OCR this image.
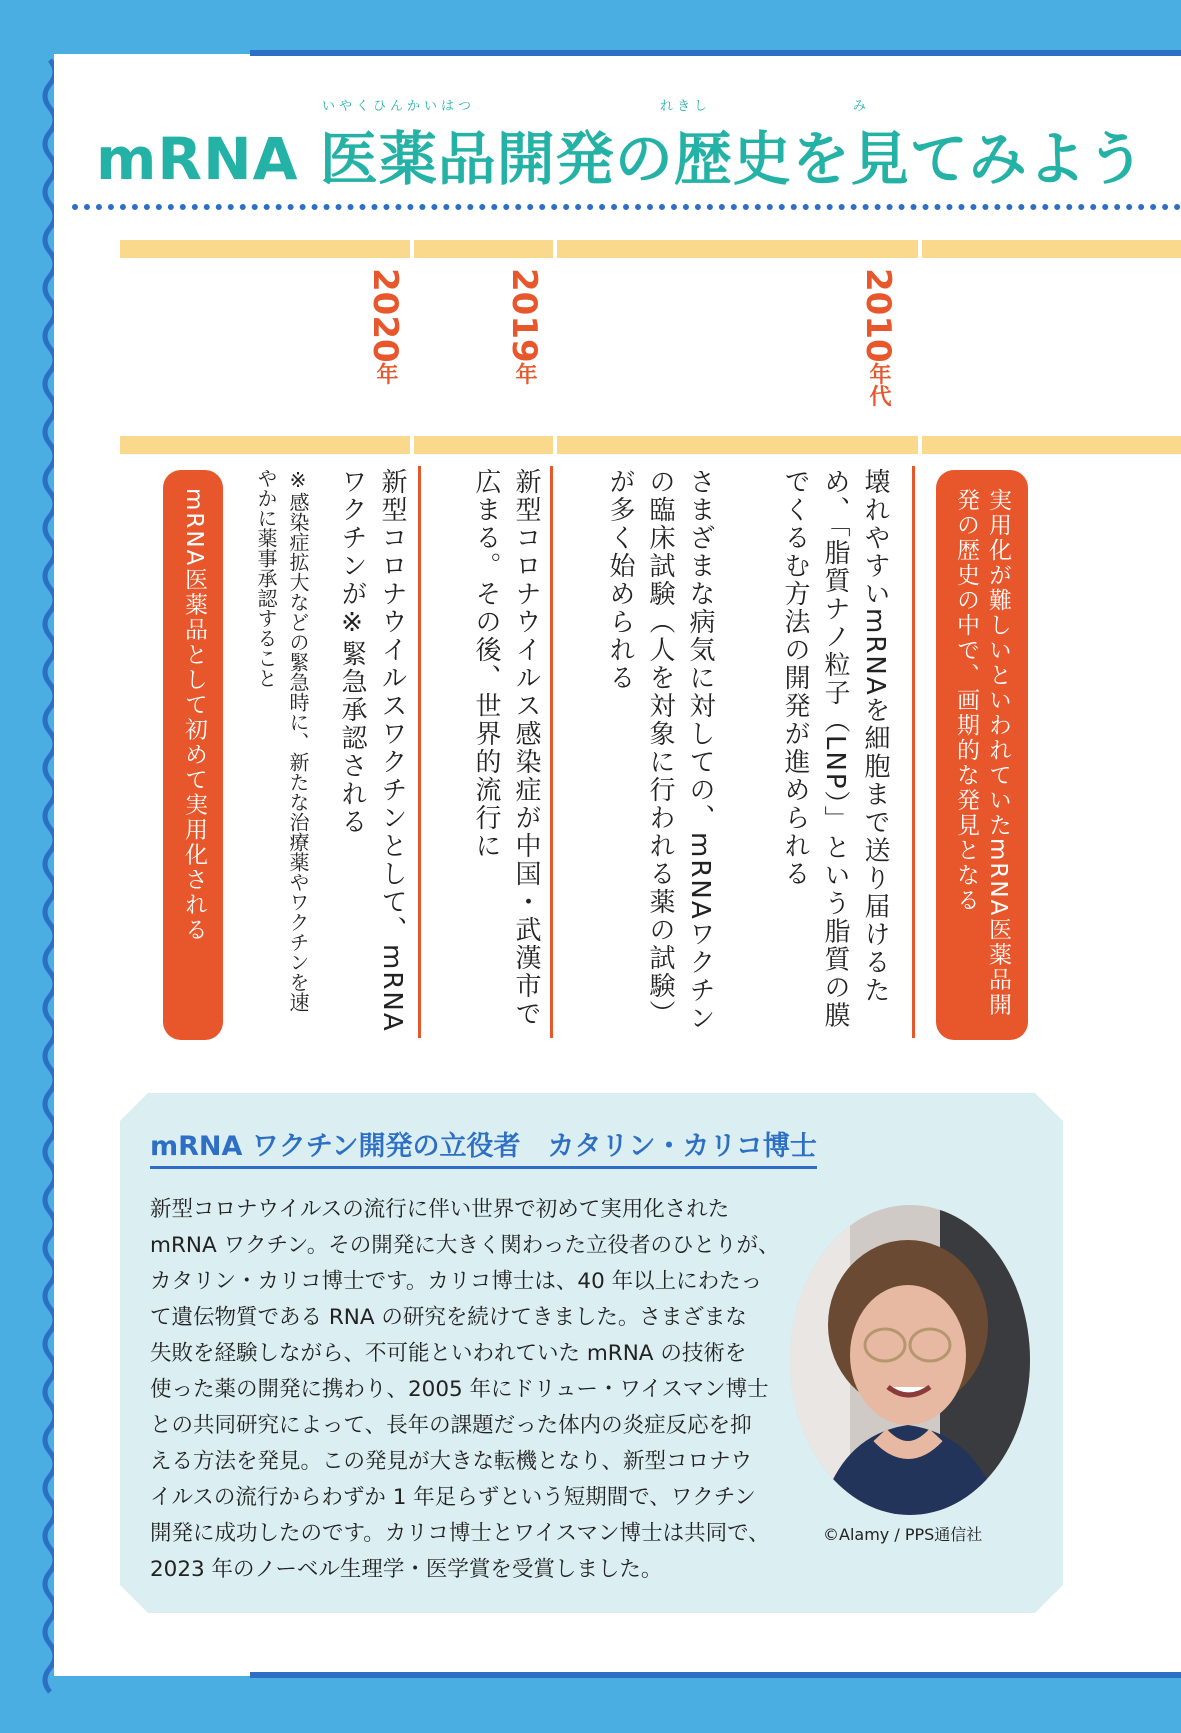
いやくひんかいはつ	れきし	み
mRNA 医薬品開発の歴史を見てみよう
2010年代
2019年
2020年
実用化が難しいといわれていたmRNA医薬品開発の歴史の中で、画期的な発見となる
壊れやすいmRNAを細胞まで送り届けるため、「脂質ナノ粒子（LNP）」という脂質の膜でくるむ方法の開発が進められる
さまざまな病気に対しての、mRNAワクチンの臨床試験（人を対象に行われる薬の試験）が多く始められる
新型コロナウイルス感染症が中国・武漢市で広まる。その後、世界的流行に
新型コロナウイルスワクチンとして、mRNAワクチンが※緊急承認される
※感染症拡大などの緊急時に、新たな治療薬やワクチンを速やかに薬事承認すること
mRNA医薬品として初めて実用化される
mRNA ワクチン開発の立役者　カタリン・カリコ博士

新型コロナウイルスの流行に伴い世界で初めて実用化された

mRNA ワクチン。その開発に大きく関わった立役者のひとりが、

カタリン・カリコ博士です。カリコ博士は、40 年以上にわたっ

て遺伝物質である RNA の研究を続けてきました。さまざまな

失敗を経験しながら、不可能といわれていた mRNA の技術を

使った薬の開発に携わり、2005 年にドリュー・ワイスマン博士

との共同研究によって、長年の課題だった体内の炎症反応を抑

える方法を発見。この発見が大きな転機となり、新型コロナウ

イルスの流行からわずか 1 年足らずという短期間で、ワクチン

開発に成功したのです。カリコ博士とワイスマン博士は共同で、

2023 年のノーベル生理学・医学賞を受賞しました。

©Alamy / PPS通信社
